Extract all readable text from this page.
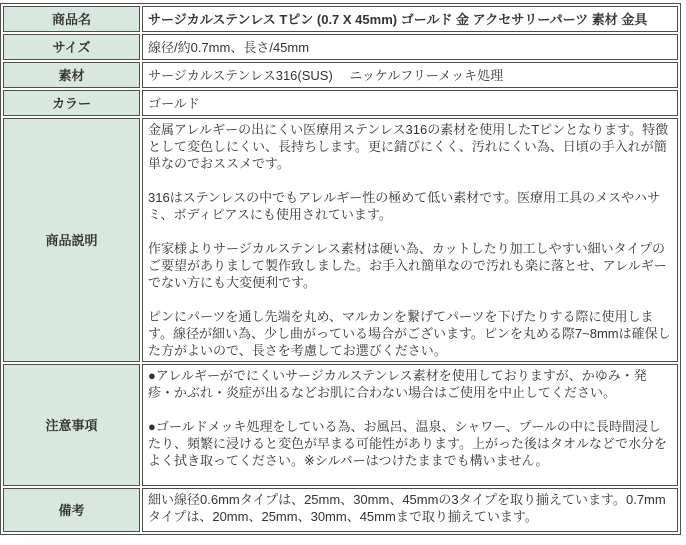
商品名	サージカルステンレス Tピン (0.7 X 45mm) ゴールド 金 アクセサリーパーツ 素材 金具
サイズ	線径/約0.7mm、長さ/45mm
素材	サージカルステンレス316(SUS)　 ニッケルフリーメッキ処理
カラー	ゴールド
商品説明	金属アレルギーの出にくい医療用ステンレス316の素材を使用したTピンとなります。特徴として変色しにくい、長持ちします。更に錆びにくく、汚れにくい為、日頃の手入れが簡単なのでおススメです。

316はステンレスの中でもアレルギー性の極めて低い素材です。医療用工具のメスやハサミ、ボディピアスにも使用されています。

作家様よりサージカルステンレス素材は硬い為、カットしたり加工しやすい細いタイプのご要望がありまして製作致しました。お手入れ簡単なので汚れも楽に落とせ、アレルギーでない方にも大変便利です。

ピンにパーツを通し先端を丸め、マルカンを繋げてパーツを下げたりする際に使用します。線径が細い為、少し曲がっている場合がございます。ピンを丸める際7~8mmは確保した方がよいので、長さを考慮してお選びください。

注意事項	●アレルギーがでにくいサージカルステンレス素材を使用しておりますが、かゆみ・発疹・かぶれ・炎症が出るなどお肌に合わない場合はご使用を中止してください。

●ゴールドメッキ処理をしている為、お風呂、温泉、シャワー、プールの中に長時間浸したり、頻繁に浸けると変色が早まる可能性があります。上がった後はタオルなどで水分をよく拭き取ってください。※シルバーはつけたままでも構いません。

備考	細い線径0.6mmタイプは、25mm、30mm、45mmの3タイプを取り揃えています。0.7mmタイプは、20mm、25mm、30mm、45mmまで取り揃えています。
